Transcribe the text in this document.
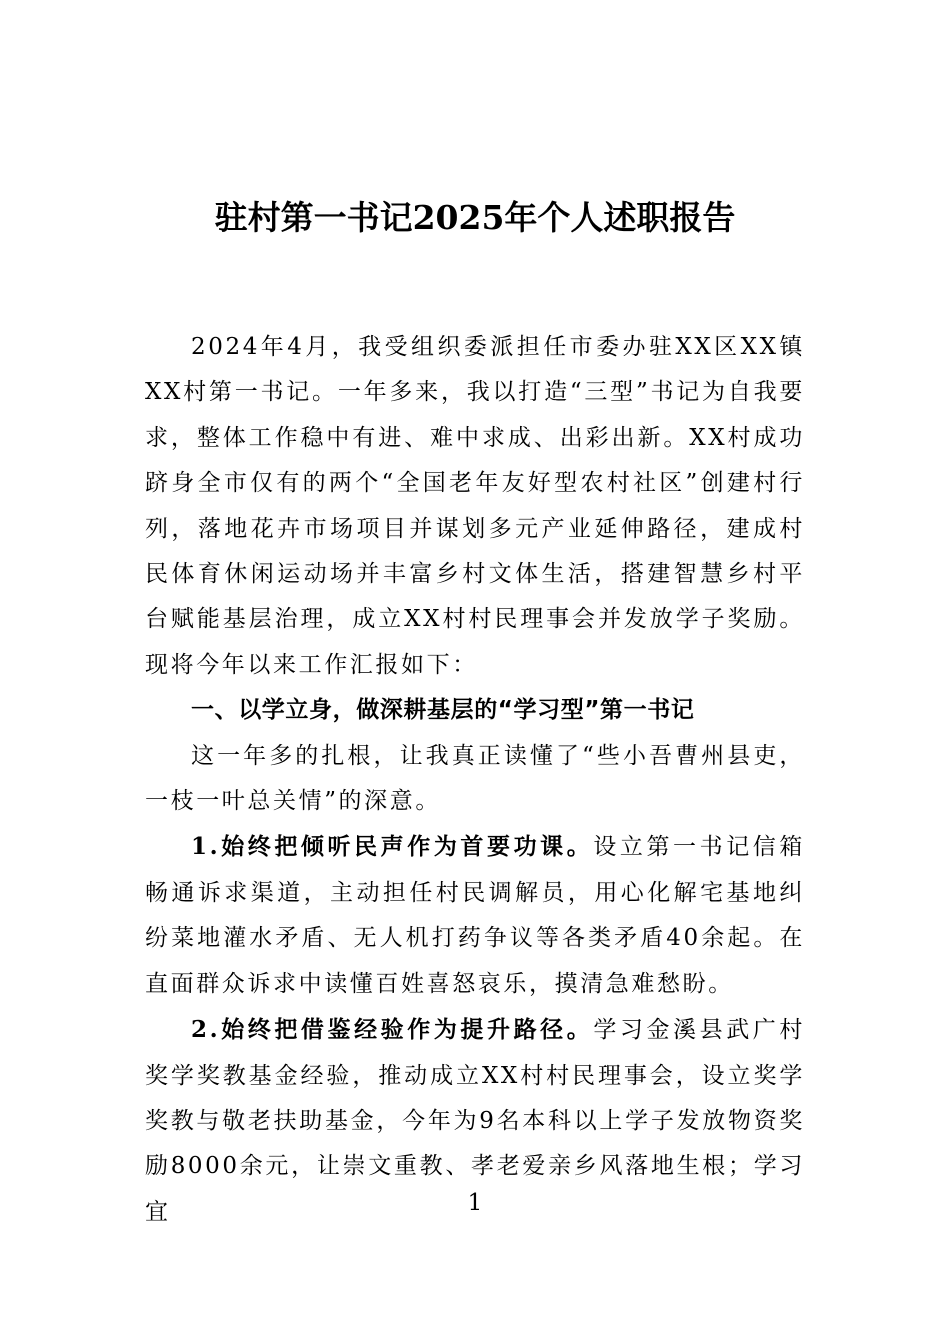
驻村第一书记2025年个人述职报告

2024年4月，我受组织委派担任市委办驻XX区XX镇XX村第一书记。一年多来，我以打造“三型”书记为自我要求，整体工作稳中有进、难中求成、出彩出新。XX村成功跻身全市仅有的两个“全国老年友好型农村社区”创建村行列，落地花卉市场项目并谋划多元产业延伸路径，建成村民体育休闲运动场并丰富乡村文体生活，搭建智慧乡村平台赋能基层治理，成立XX村村民理事会并发放学子奖励。现将今年以来工作汇报如下：

一、以学立身，做深耕基层的“学习型”第一书记

这一年多的扎根，让我真正读懂了“些小吾曹州县吏，一枝一叶总关情”的深意。

1.始终把倾听民声作为首要功课。设立第一书记信箱畅通诉求渠道，主动担任村民调解员，用心化解宅基地纠纷菜地灌水矛盾、无人机打药争议等各类矛盾40余起。在直面群众诉求中读懂百姓喜怒哀乐，摸清急难愁盼。

2.始终把借鉴经验作为提升路径。学习金溪县武广村奖学奖教基金经验，推动成立XX村村民理事会，设立奖学奖教与敬老扶助基金，今年为9名本科以上学子发放物资奖励8000余元，让崇文重教、孝老爱亲乡风落地生根；学习宜	1
